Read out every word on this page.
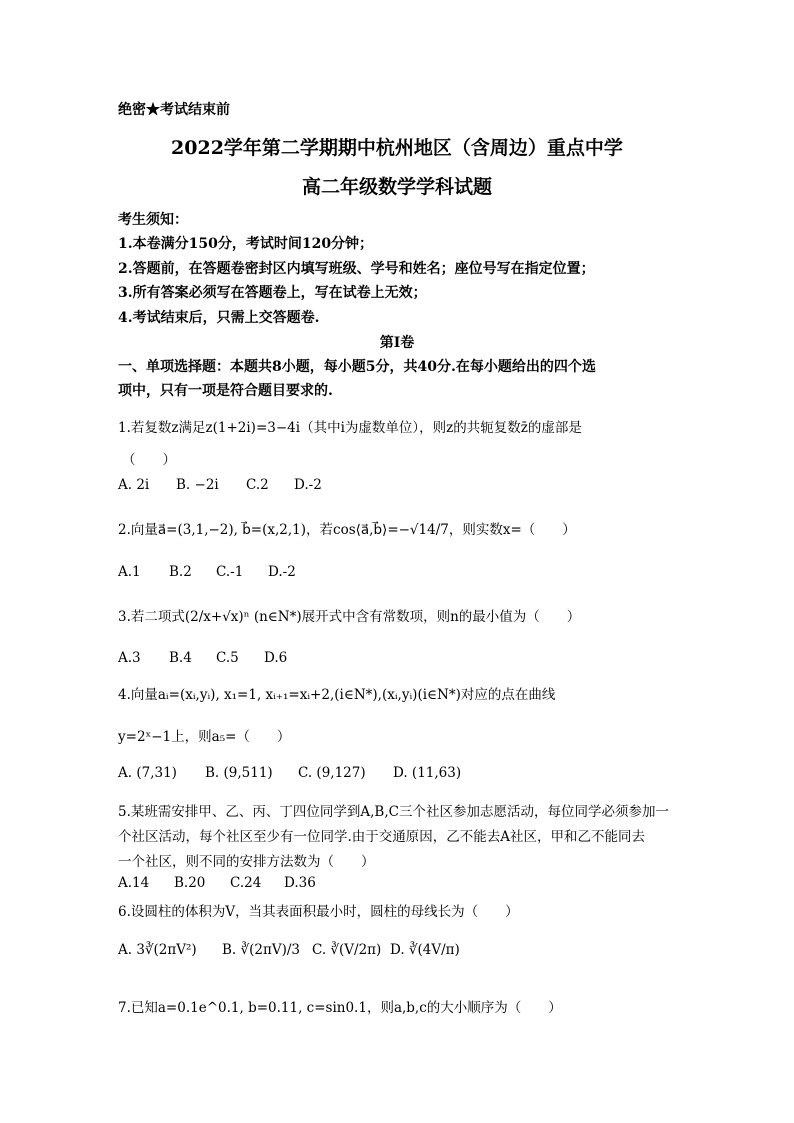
绝密★考试结束前
2022学年第二学期期中杭州地区（含周边）重点中学
高二年级数学学科试题
考生须知：
1.本卷满分150分，考试时间120分钟；
2.答题前，在答题卷密封区内填写班级、学号和姓名；座位号写在指定位置；
3.所有答案必须写在答题卷上，写在试卷上无效；
4.考试结束后，只需上交答题卷.
第Ⅰ卷
一、单项选择题：本题共8小题，每小题5分，共40分.在每小题给出的四个选
项中，只有一项是符合题目要求的.
1.若复数z满足z(1+2i)=3−4i（其中i为虚数单位），则z的共轭复数z̄的虚部是
（　　）
A. 2i B. −2i C.2 D.-2
2.向量a⃗=(3,1,−2), b⃗=(x,2,1)，若cos⟨a⃗,b⃗⟩=−√14/7，则实数x=（　　）
A.1 B.2 C.-1 D.-2
3.若二项式(2/x+√x)ⁿ (n∈N*)展开式中含有常数项，则n的最小值为（　　）
A.3 B.4 C.5 D.6
4.向量aᵢ=(xᵢ,yᵢ), x₁=1, xᵢ₊₁=xᵢ+2,(i∈N*),(xᵢ,yᵢ)(i∈N*)对应的点在曲线
y=2ˣ−1上，则a₅=（　　）
A. (7,31) B. (9,511) C. (9,127) D. (11,63)
5.某班需安排甲、乙、丙、丁四位同学到A,B,C三个社区参加志愿活动，每位同学必须参加一
个社区活动，每个社区至少有一位同学.由于交通原因，乙不能去A社区，甲和乙不能同去
一个社区，则不同的安排方法数为（　　）
A.14 B.20 C.24 D.36
6.设圆柱的体积为V，当其表面积最小时，圆柱的母线长为（　　）
A. 3∛(2πV²) B. ∛(2πV)/3 C. ∛(V/2π) D. ∛(4V/π)
7.已知a=0.1e^0.1, b=0.11, c=sin0.1，则a,b,c的大小顺序为（　　）
